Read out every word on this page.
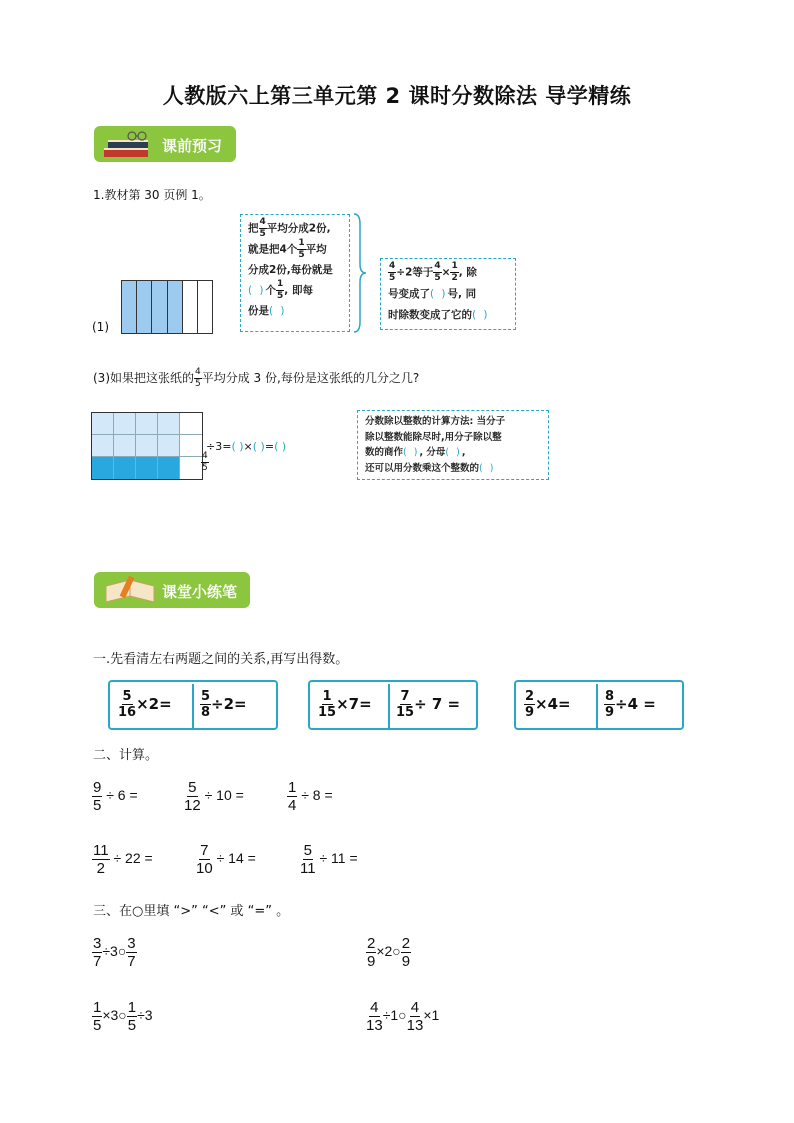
人教版六上第三单元第 2 课时分数除法 导学精练
课前预习
1.教材第 30 页例 1。
(1)
把 $\frac{4}{5}$ 平均分成2份,
就是把4个 $\frac{1}{5}$ 平均
分成2份,每份就是
( )个 $\frac{1}{5}$ , 即每
份是( )
$\frac{4}{5} \div 2$等于 $\frac{4}{5} \times \frac{1}{2}$ , 除
号变成了( )号, 同
时除数变成了它的( )
(3)如果把这张纸的 $\frac{4}{5}$ 平均分成 3 份,每份是这张纸的几分之几?
$\frac{4}{5}$
÷3=( )×( )=( )
分数除以整数的计算方法: 当分子
除以整数能除尽时,用分子除以整
数的商作( ), 分母( ),
还可以用分数乘这个整数的( )
课堂小练笔
一.先看清左右两题之间的关系,再写出得数。
$\frac{5}{16} \times 2= \frac{5}{8} \div 2=$	$\frac{1}{15} \times 7= \frac{7}{15} \div 7$ =	$\frac{2}{9} \times 4=$	$\frac{8}{9} \div 4$ =
二、计算。
$\frac{9}{5} \div 6$ =	$\frac{5}{12} \div 10$ =	$\frac{1}{4} \div 8$ =
$\frac{11}{2} \div 22$ =	$\frac{7}{10} \div 14$ =	$\frac{5}{11} \div 11$ =
三、在○里填 “>” “<” 或 “=” 。
$\frac{3}{7}$ ÷3○ $\frac{3}{7}$	$\frac{2}{9}$ ×2○ $\frac{2}{9}$
$\frac{1}{5}$ ×3○ $\frac{1}{5} \div 3$	$\frac{4}{13}$ ÷1○ $\frac{4}{13} \times 1$
